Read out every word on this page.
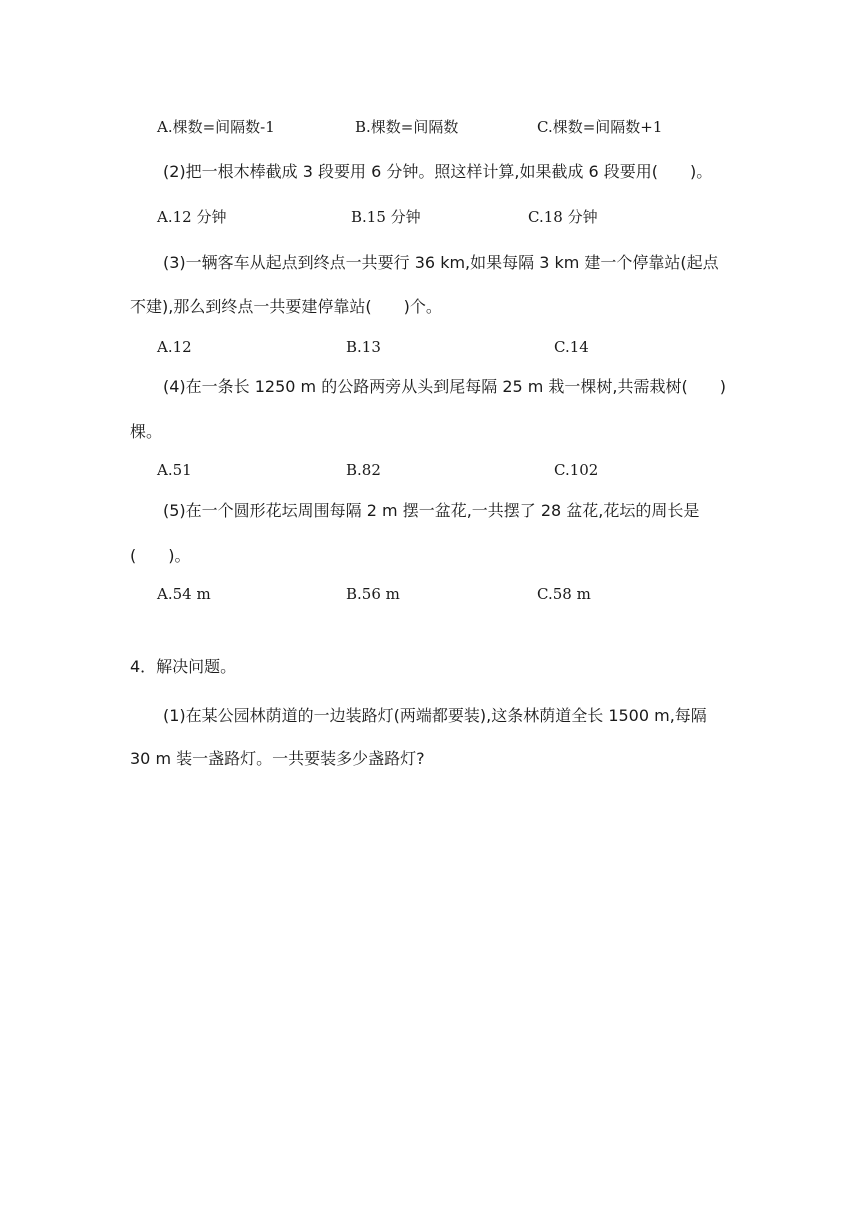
A.棵数=间隔数-1	B.棵数=间隔数	C.棵数=间隔数+1
(2)把一根木棒截成 3 段要用 6 分钟。照这样计算,如果截成 6 段要用(　　)。
A.12 分钟	B.15 分钟	C.18 分钟
(3)一辆客车从起点到终点一共要行 36 km,如果每隔 3 km 建一个停靠站(起点
不建),那么到终点一共要建停靠站(　　)个。
A.12	B.13	C.14
(4)在一条长 1250 m 的公路两旁从头到尾每隔 25 m 栽一棵树,共需栽树(　　)
棵。
A.51	B.82	C.102
(5)在一个圆形花坛周围每隔 2 m 摆一盆花,一共摆了 28 盆花,花坛的周长是
(　　)。
A.54 m	B.56 m	C.58 m
4．解决问题。
(1)在某公园林荫道的一边装路灯(两端都要装),这条林荫道全长 1500 m,每隔
30 m 装一盏路灯。一共要装多少盏路灯?
